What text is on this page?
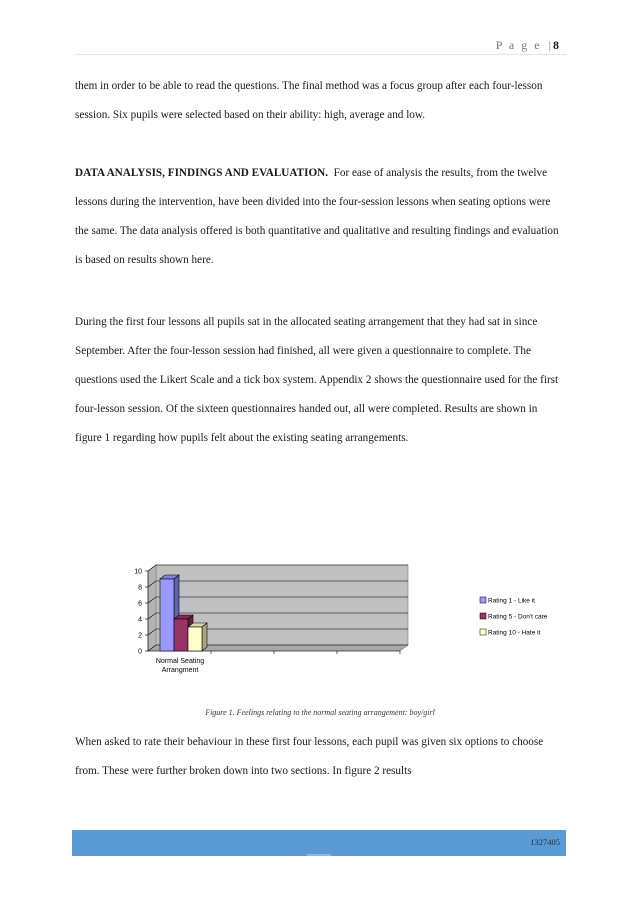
P a g e | 8

them in order to be able to read the questions. The final method was a focus group after each four-lesson session. Six pupils were selected based on their ability: high, average and low.

DATA ANALYSIS, FINDINGS AND EVALUATION. For ease of analysis the results, from the twelve lessons during the intervention, have been divided into the four-session lessons when seating options were the same. The data analysis offered is both quantitative and qualitative and resulting findings and evaluation is based on results shown here.

During the first four lessons all pupils sat in the allocated seating arrangement that they had sat in since September. After the four-lesson session had finished, all were given a questionnaire to complete. The questions used the Likert Scale and a tick box system. Appendix 2 shows the questionnaire used for the first four-lesson session. Of the sixteen questionnaires handed out, all were completed. Results are shown in figure 1 regarding how pupils felt about the existing seating arrangements.

0
2
4
6
8
10
Normal Seating
Arrangment
Rating 1 - Like it
Rating 5 - Don't care
Rating 10 - Hate it
Figure 1. Feelings relating to the normal seating arrangement: boy/girl

When asked to rate their behaviour in these first four lessons, each pupil was given six options to choose from. These were further broken down into two sections. In figure 2 results

1327405
